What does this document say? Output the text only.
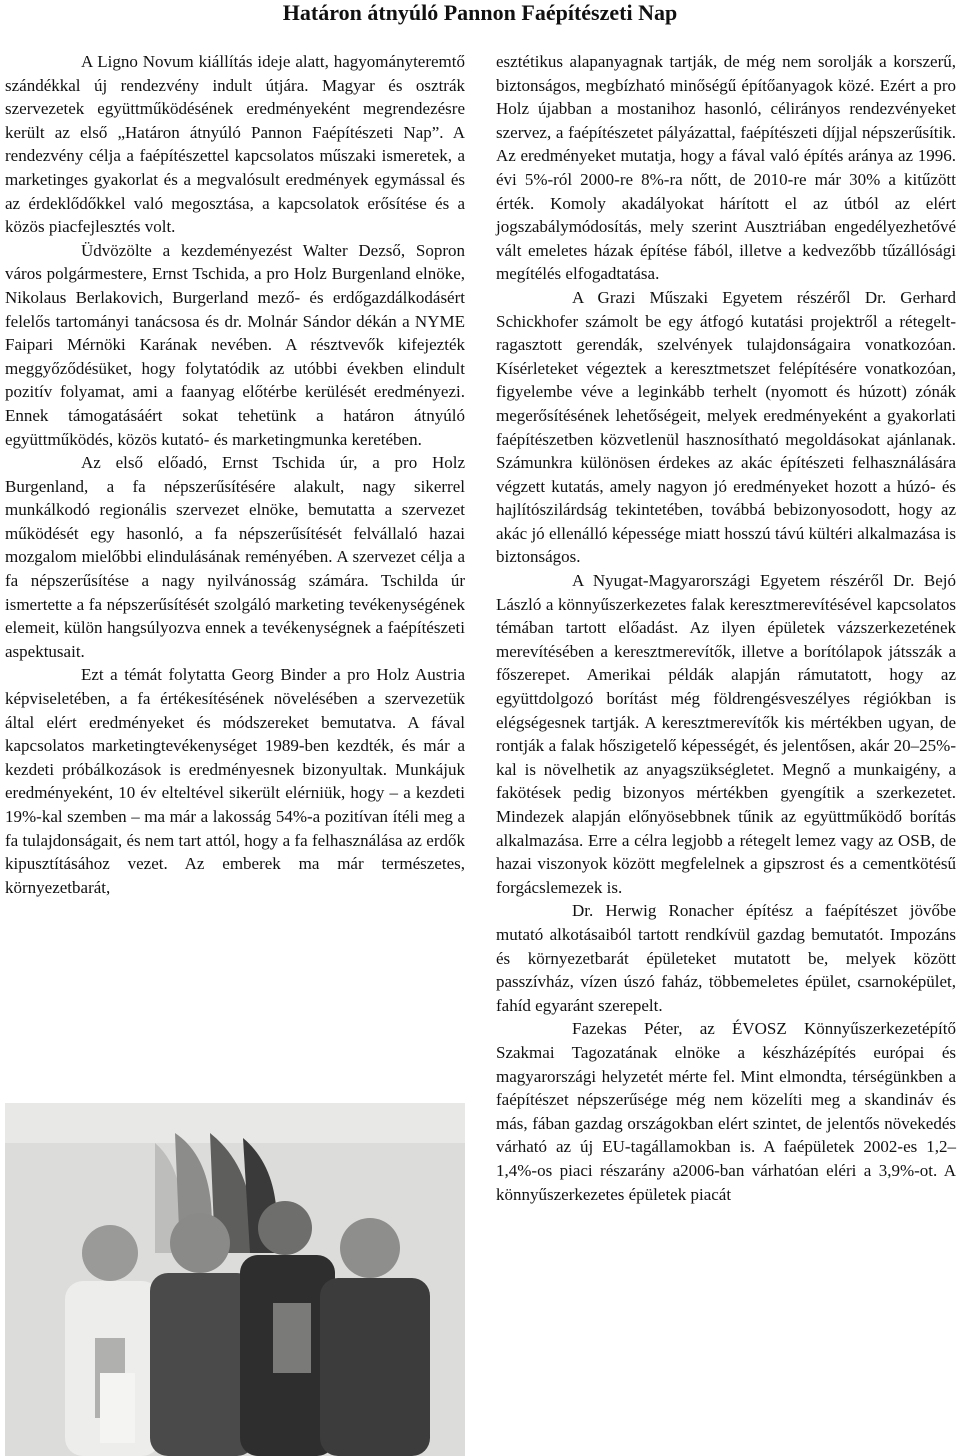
Határon átnyúló Pannon Faépítészeti Nap

A Ligno Novum kiállítás ideje alatt, hagyományteremtő szándékkal új rendezvény indult útjára. Magyar és osztrák szervezetek együttműködésének eredményeként megrendezésre került az első „Határon átnyúló Pannon Faépítészeti Nap”. A rendezvény célja a faépítészettel kapcsolatos műszaki ismeretek, a marketinges gyakorlat és a megvalósult eredmények egymással és az érdeklődőkkel való megosztása, a kapcsolatok erősítése és a közös piacfejlesztés volt.

Üdvözölte a kezdeményezést Walter Dezső, Sopron város polgármestere, Ernst Tschida, a pro Holz Burgenland elnöke, Nikolaus Berlakovich, Burgerland mező- és erdőgazdálkodásért felelős tartományi tanácsosa és dr. Molnár Sándor dékán a NYME Faipari Mérnöki Karának nevében. A résztvevők kifejezték meggyőződésüket, hogy folytatódik az utóbbi években elindult pozitív folyamat, ami a faanyag előtérbe kerülését eredményezi. Ennek támogatásáért sokat tehetünk a határon átnyúló együttműködés, közös kutató- és marketingmunka keretében.

Az első előadó, Ernst Tschida úr, a pro Holz Burgenland, a fa népszerűsítésére alakult, nagy sikerrel munkálkodó regionális szervezet elnöke, bemutatta a szervezet működését egy hasonló, a fa népszerűsítését felvállaló hazai mozgalom mielőbbi elindulásának reményében. A szervezet célja a fa népszerűsítése a nagy nyilvánosság számára. Tschilda úr ismertette a fa népszerűsítését szolgáló marketing tevékenységének elemeit, külön hangsúlyozva ennek a tevékenységnek a faépítészeti aspektusait.

Ezt a témát folytatta Georg Binder a pro Holz Austria képviseletében, a fa értékesítésének növelésében a szervezetük által elért eredményeket és módszereket bemutatva. A fával kapcsolatos marketingtevékenységet 1989-ben kezdték, és már a kezdeti próbálkozások is eredményesnek bizonyultak. Munkájuk eredményeként, 10 év elteltével sikerült elérniük, hogy – a kezdeti 19%-kal szemben – ma már a lakosság 54%-a pozitívan ítéli meg a fa tulajdonságait, és nem tart attól, hogy a fa felhasználása az erdők kipusztításához vezet. Az emberek ma már természetes, környezetbarát,

esztétikus alapanyagnak tartják, de még nem sorolják a korszerű, biztonságos, megbízható minőségű építőanyagok közé. Ezért a pro Holz újabban a mostanihoz hasonló, célirányos rendezvényeket szervez, a faépítészetet pályázattal, faépítészeti díjjal népszerűsítik. Az eredményeket mutatja, hogy a fával való építés aránya az 1996. évi 5%-ról 2000-re 8%-ra nőtt, de 2010-re már 30% a kitűzött érték. Komoly akadályokat hárított el az útból az elért jogszabálymódosítás, mely szerint Ausztriában engedélyezhetővé vált emeletes házak építése fából, illetve a kedvezőbb tűzállósági megítélés elfogadtatása.

A Grazi Műszaki Egyetem részéről Dr. Gerhard Schickhofer számolt be egy átfogó kutatási projektről a rétegelt-ragasztott gerendák, szelvények tulajdonságaira vonatkozóan. Kísérleteket végeztek a keresztmetszet felépítésére vonatkozóan, figyelembe véve a leginkább terhelt (nyomott és húzott) zónák megerősítésének lehetőségeit, melyek eredményeként a gyakorlati faépítészetben közvetlenül hasznosítható megoldásokat ajánlanak. Számunkra különösen érdekes az akác építészeti felhasználására végzett kutatás, amely nagyon jó eredményeket hozott a húzó- és hajlítószilárdság tekintetében, továbbá bebizonyosodott, hogy az akác jó ellenálló képessége miatt hosszú távú kültéri alkalmazása is biztonságos.

A Nyugat-Magyarországi Egyetem részéről Dr. Bejó László a könnyűszerkezetes falak keresztmerevítésével kapcsolatos témában tartott előadást. Az ilyen épületek vázszerkezetének merevítésében a keresztmerevítők, illetve a borítólapok játsszák a főszerepet. Amerikai példák alapján rámutatott, hogy az együttdolgozó borítást még földrengésveszélyes régiókban is elégségesnek tartják. A keresztmerevítők kis mértékben ugyan, de rontják a falak hőszigetelő képességét, és jelentősen, akár 20–25%-kal is növelhetik az anyagszükségletet. Megnő a munkaigény, a fakötések pedig bizonyos mértékben gyengítik a szerkezetet. Mindezek alapján előnyösebbnek tűnik az együttműködő borítás alkalmazása. Erre a célra legjobb a rétegelt lemez vagy az OSB, de hazai viszonyok között megfelelnek a gipszrost és a cementkötésű forgácslemezek is.

Dr. Herwig Ronacher építész a faépítészet jövőbe mutató alkotásaiból tartott rendkívül gazdag bemutatót. Impozáns és környezetbarát épületeket mutatott be, melyek között passzívház, vízen úszó faház, többemeletes épület, csarnoképület, fahíd egyaránt szerepelt.

Fazekas Péter, az ÉVOSZ Könnyűszerkezetépítő Szakmai Tagozatának elnöke a készházépítés európai és magyarországi helyzetét mérte fel. Mint elmondta, térségünkben a faépítészet népszerűsége még nem közelíti meg a skandináv és más, fában gazdag országokban elért szintet, de jelentős növekedés várható az új EU-tagállamokban is. A faépületek 2002-es 1,2–1,4%-os piaci részarány a2006-ban várhatóan eléri a 3,9%-ot. A könnyűszerkezetes épületek piacát
